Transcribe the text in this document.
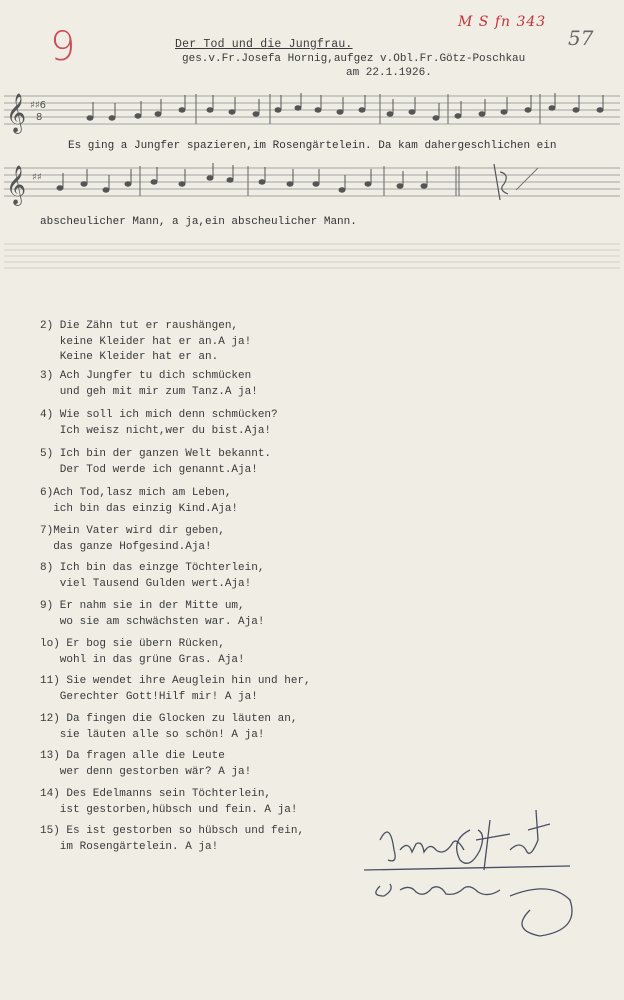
M S fn 343
9	57
Der Tod und die Jungfrau.
ges.v.Fr.Josefa Hornig,aufgez v.Obl.Fr.Götz-Poschkau
am 22.1.1926.
𝄞 ♯♯6
8
Es ging a Jungfer spazieren,im Rosengärtelein. Da kam dahergeschlichen ein
𝄞 ♯♯
abscheulicher Mann, a ja,ein abscheulicher Mann.

2) Die Zähn tut er raushängen,
keine Kleider hat er an.A ja!
Keine Kleider hat er an.

3) Ach Jungfer tu dich schmücken
und geh mit mir zum Tanz.A ja!

4) Wie soll ich mich denn schmücken?
Ich weisz nicht,wer du bist.Aja!

5) Ich bin der ganzen Welt bekannt.
Der Tod werde ich genannt.Aja!

6)Ach Tod,lasz mich am Leben,
ich bin das einzig Kind.Aja!

7)Mein Vater wird dir geben,
das ganze Hofgesind.Aja!

8) Ich bin das einzge Töchterlein,
viel Tausend Gulden wert.Aja!

9) Er nahm sie in der Mitte um,
wo sie am schwächsten war. Aja!

lo) Er bog sie übern Rücken,
wohl in das grüne Gras. Aja!

11) Sie wendet ihre Aeuglein hin und her,
Gerechter Gott!Hilf mir! A ja!

12) Da fingen die Glocken zu läuten an,
sie läuten alle so schön! A ja!

13) Da fragen alle die Leute
wer denn gestorben wär? A ja!

14) Des Edelmanns sein Töchterlein,
ist gestorben,hübsch und fein. A ja!

15) Es ist gestorben so hübsch und fein,
im Rosengärtelein. A ja!
